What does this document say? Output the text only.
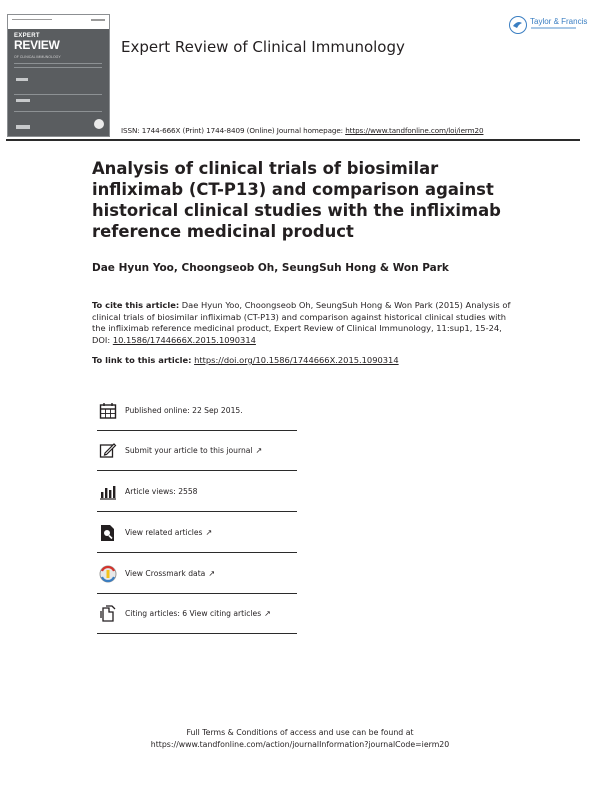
EXPERT
REVIEW
OF CLINICAL IMMUNOLOGY
Expert Review of Clinical Immunology
Taylor & Francis
ISSN: 1744-666X (Print) 1744-8409 (Online) Journal homepage: https://www.tandfonline.com/loi/ierm20
Analysis of clinical trials of biosimilar infliximab (CT-P13) and comparison against historical clinical studies with the infliximab reference medicinal product
Dae Hyun Yoo, Choongseob Oh, SeungSuh Hong & Won Park
To cite this article: Dae Hyun Yoo, Choongseob Oh, SeungSuh Hong & Won Park (2015) Analysis of clinical trials of biosimilar infliximab (CT-P13) and comparison against historical clinical studies with the infliximab reference medicinal product, Expert Review of Clinical Immunology, 11:sup1, 15-24, DOI: 10.1586/1744666X.2015.1090314
To link to this article: https://doi.org/10.1586/1744666X.2015.1090314
Published online: 22 Sep 2015.
Submit your article to this journal ↗
Article views: 2558
View related articles ↗
View Crossmark data ↗
Citing articles: 6 View citing articles ↗
Full Terms & Conditions of access and use can be found at
https://www.tandfonline.com/action/journalInformation?journalCode=ierm20
